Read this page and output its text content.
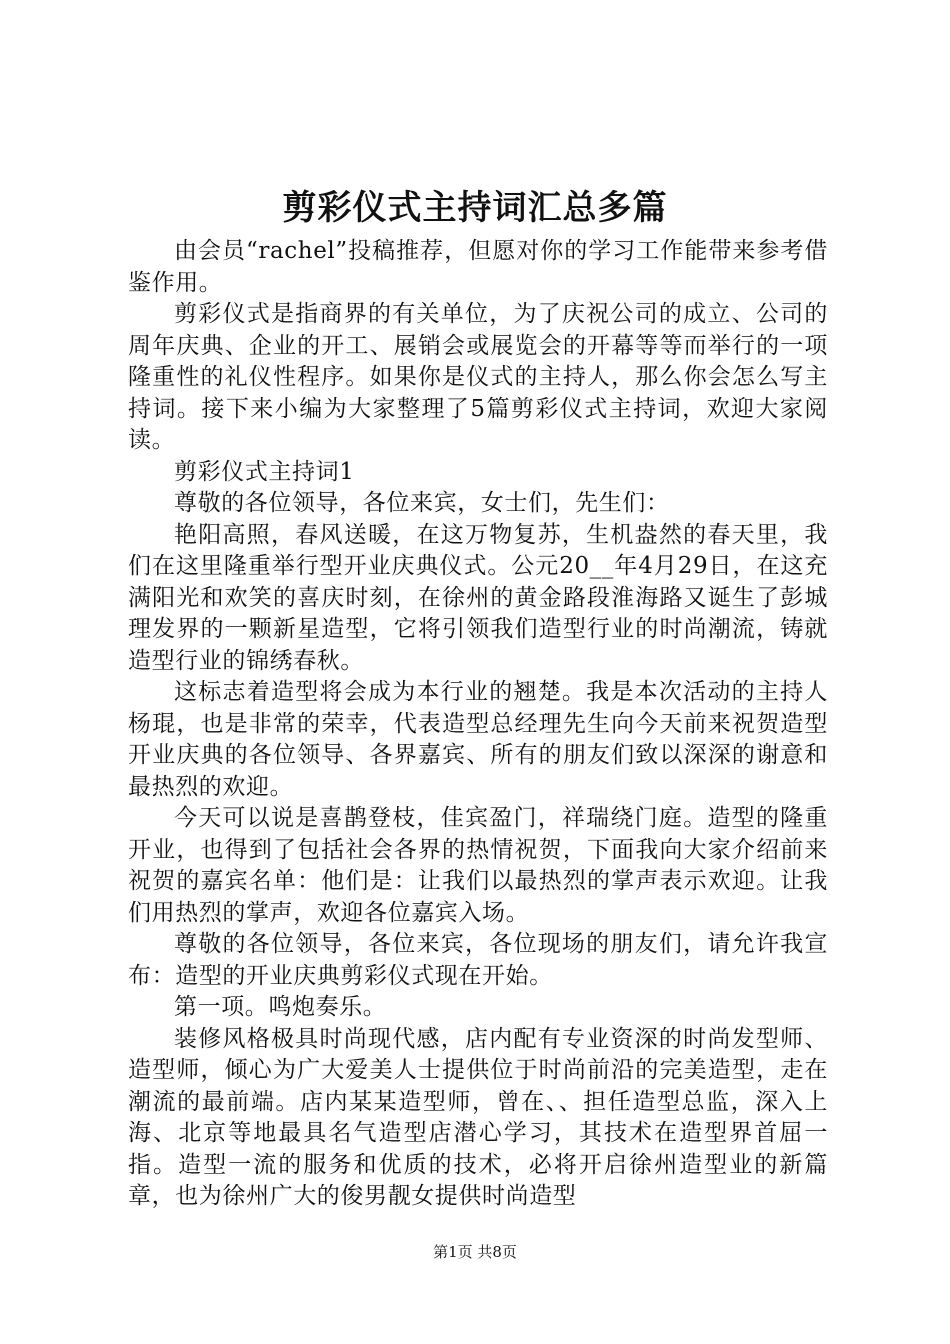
剪彩仪式主持词汇总多篇

由会员“rachel”投稿推荐，但愿对你的学习工作能带来参考借鉴作用。

剪彩仪式是指商界的有关单位，为了庆祝公司的成立、公司的周年庆典、企业的开工、展销会或展览会的开幕等等而举行的一项隆重性的礼仪性程序。如果你是仪式的主持人，那么你会怎么写主持词。接下来小编为大家整理了5篇剪彩仪式主持词，欢迎大家阅读。

剪彩仪式主持词1

尊敬的各位领导，各位来宾，女士们，先生们：

艳阳高照，春风送暖，在这万物复苏，生机盎然的春天里，我们在这里隆重举行型开业庆典仪式。公元20__年4月29日，在这充满阳光和欢笑的喜庆时刻，在徐州的黄金路段淮海路又诞生了彭城理发界的一颗新星造型，它将引领我们造型行业的时尚潮流，铸就造型行业的锦绣春秋。

这标志着造型将会成为本行业的翘楚。我是本次活动的主持人杨琨，也是非常的荣幸，代表造型总经理先生向今天前来祝贺造型开业庆典的各位领导、各界嘉宾、所有的朋友们致以深深的谢意和最热烈的欢迎。

今天可以说是喜鹊登枝，佳宾盈门，祥瑞绕门庭。造型的隆重开业，也得到了包括社会各界的热情祝贺，下面我向大家介绍前来祝贺的嘉宾名单：他们是：让我们以最热烈的掌声表示欢迎。让我们用热烈的掌声，欢迎各位嘉宾入场。

尊敬的各位领导，各位来宾，各位现场的朋友们，请允许我宣布：造型的开业庆典剪彩仪式现在开始。

第一项。鸣炮奏乐。

装修风格极具时尚现代感，店内配有专业资深的时尚发型师、造型师，倾心为广大爱美人士提供位于时尚前沿的完美造型，走在潮流的最前端。店内某某造型师，曾在、、担任造型总监，深入上海、北京等地最具名气造型店潜心学习，其技术在造型界首屈一指。造型一流的服务和优质的技术，必将开启徐州造型业的新篇章，也为徐州广大的俊男靓女提供时尚造型

第1页 共8页
